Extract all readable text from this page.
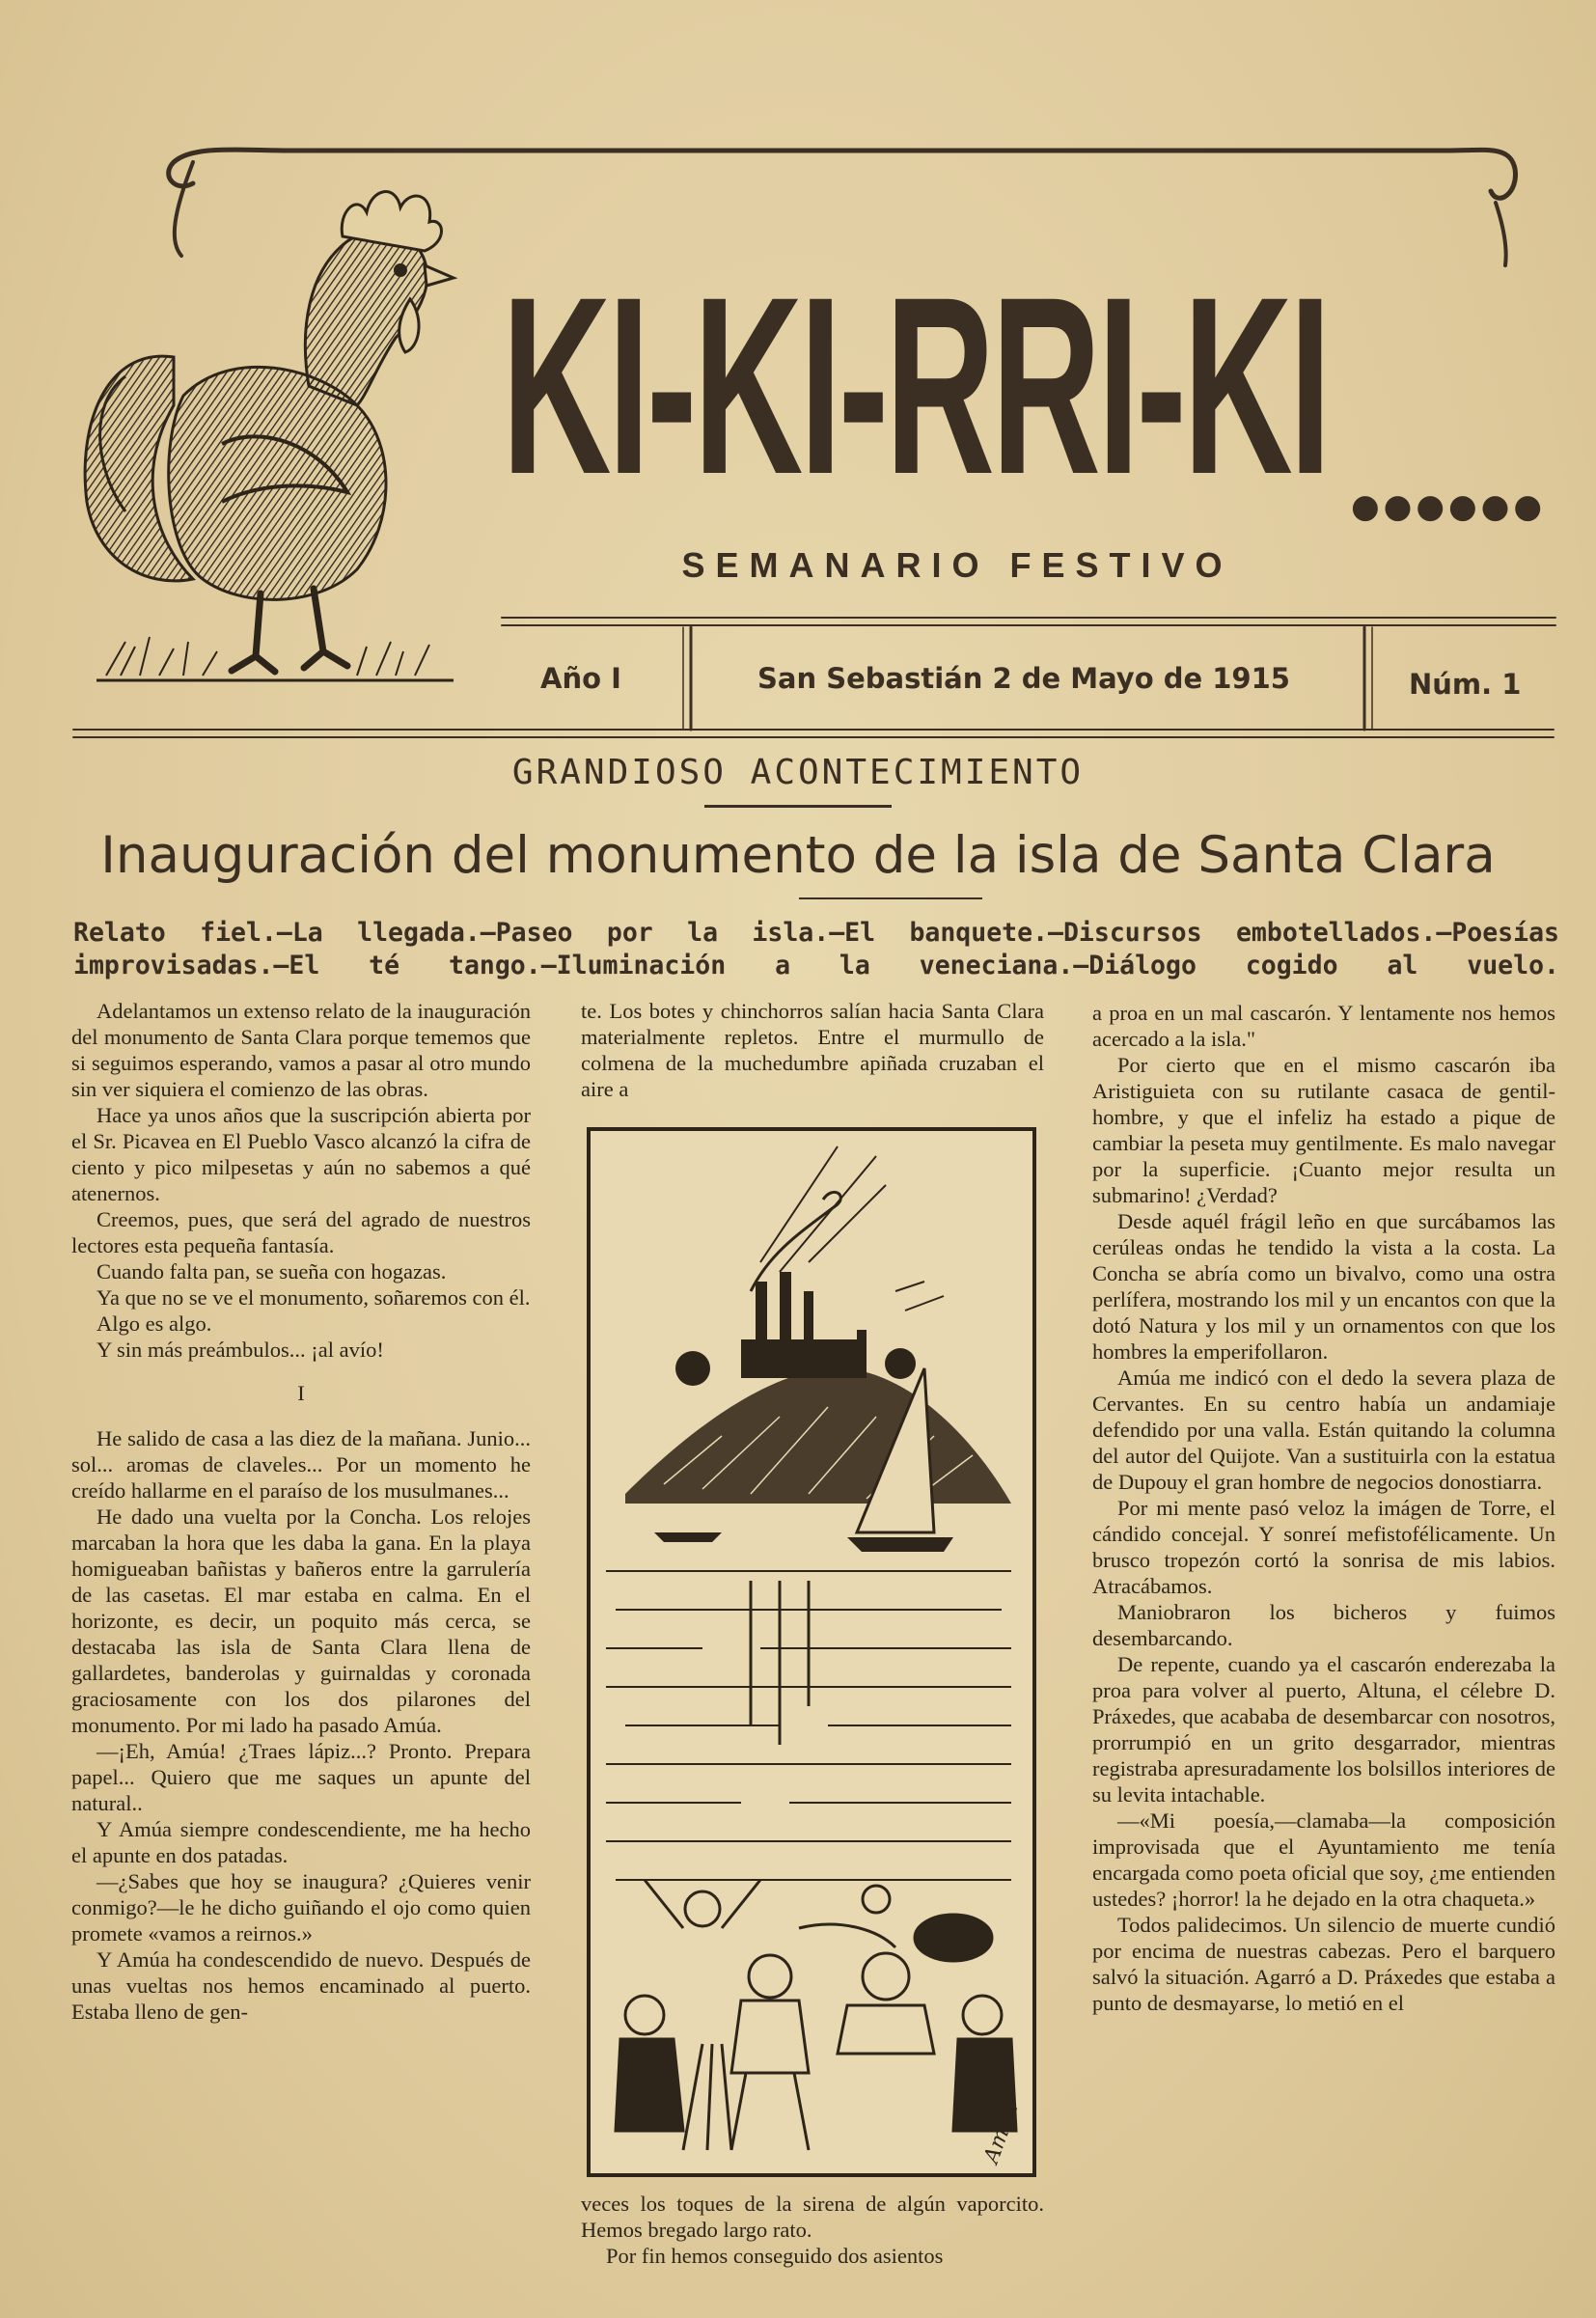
KI-KI-RRI-KI ●●●●●●
SEMANARIO FESTIVO
Año I	San Sebastián 2 de Mayo de 1915	Núm. 1
GRANDIOSO ACONTECIMIENTO
Inauguración del monumento de la isla de Santa Clara
Relato fiel.—La llegada.—Paseo por la isla.—El banquete.—Discursos embotellados.—Poesías
improvisadas.—El té tango.—Iluminación a la veneciana.—Diálogo cogido al vuelo.

Adelantamos un extenso relato de la inauguración del monumento de Santa Clara porque tememos que si seguimos esperando, vamos a pasar al otro mundo sin ver siquiera el comienzo de las obras.

Hace ya unos años que la suscripción abierta por el Sr. Picavea en El Pueblo Vasco alcanzó la cifra de ciento y pico milpesetas y aún no sabemos a qué atenernos.

Creemos, pues, que será del agrado de nuestros lectores esta pequeña fantasía.

Cuando falta pan, se sueña con hogazas.

Ya que no se ve el monumento, soñaremos con él.

Algo es algo.

Y sin más preámbulos... ¡al avío!

I

He salido de casa a las diez de la mañana. Junio... sol... aromas de claveles... Por un momento he creído hallarme en el paraíso de los musulmanes...

He dado una vuelta por la Concha. Los relojes marcaban la hora que les daba la gana. En la playa homigueaban bañistas y bañeros entre la garrulería de las casetas. El mar estaba en calma. En el horizonte, es decir, un poquito más cerca, se destacaba las isla de Santa Clara llena de gallardetes, banderolas y guirnaldas y coronada graciosamente con los dos pilarones del monumento. Por mi lado ha pasado Amúa.

—¡Eh, Amúa! ¿Traes lápiz...? Pronto. Prepara papel... Quiero que me saques un apunte del natural..

Y Amúa siempre condescendiente, me ha hecho el apunte en dos patadas.

—¿Sabes que hoy se inaugura? ¿Quieres venir conmigo?—le he dicho guiñando el ojo como quien promete «vamos a reirnos.»

Y Amúa ha condescendido de nuevo. Después de unas vueltas nos hemos encaminado al puerto. Estaba lleno de gen-

te. Los botes y chinchorros salían hacia Santa Clara materialmente repletos. Entre el murmullo de colmena de la muchedumbre apiñada cruzaban el aire a

Amúa

veces los toques de la sirena de algún vaporcito. Hemos bregado largo rato.

Por fin hemos conseguido dos asientos

a proa en un mal cascarón. Y lentamente nos hemos acercado a la isla."

Por cierto que en el mismo cascarón iba Aristiguieta con su rutilante casaca de gentil-hombre, y que el infeliz ha estado a pique de cambiar la peseta muy gentilmente. Es malo navegar por la superficie. ¡Cuanto mejor resulta un submarino! ¿Verdad?

Desde aquél frágil leño en que surcábamos las cerúleas ondas he tendido la vista a la costa. La Concha se abría como un bivalvo, como una ostra perlífera, mostrando los mil y un encantos con que la dotó Natura y los mil y un ornamentos con que los hombres la emperifollaron.

Amúa me indicó con el dedo la severa plaza de Cervantes. En su centro había un andamiaje defendido por una valla. Están quitando la columna del autor del Quijote. Van a sustituirla con la estatua de Dupouy el gran hombre de negocios donostiarra.

Por mi mente pasó veloz la imágen de Torre, el cándido concejal. Y sonreí mefistofélicamente. Un brusco tropezón cortó la sonrisa de mis labios. Atracábamos.

Maniobraron los bicheros y fuimos desembarcando.

De repente, cuando ya el cascarón enderezaba la proa para volver al puerto, Altuna, el célebre D. Práxedes, que acababa de desembarcar con nosotros, prorrumpió en un grito desgarrador, mientras registraba apresuradamente los bolsillos interiores de su levita intachable.

—«Mi poesía,—clamaba—la composición improvisada que el Ayuntamiento me tenía encargada como poeta oficial que soy, ¿me entienden ustedes? ¡horror! la he dejado en la otra chaqueta.»

Todos palidecimos. Un silencio de muerte cundió por encima de nuestras cabezas. Pero el barquero salvó la situación. Agarró a D. Práxedes que estaba a punto de desmayarse, lo metió en el
